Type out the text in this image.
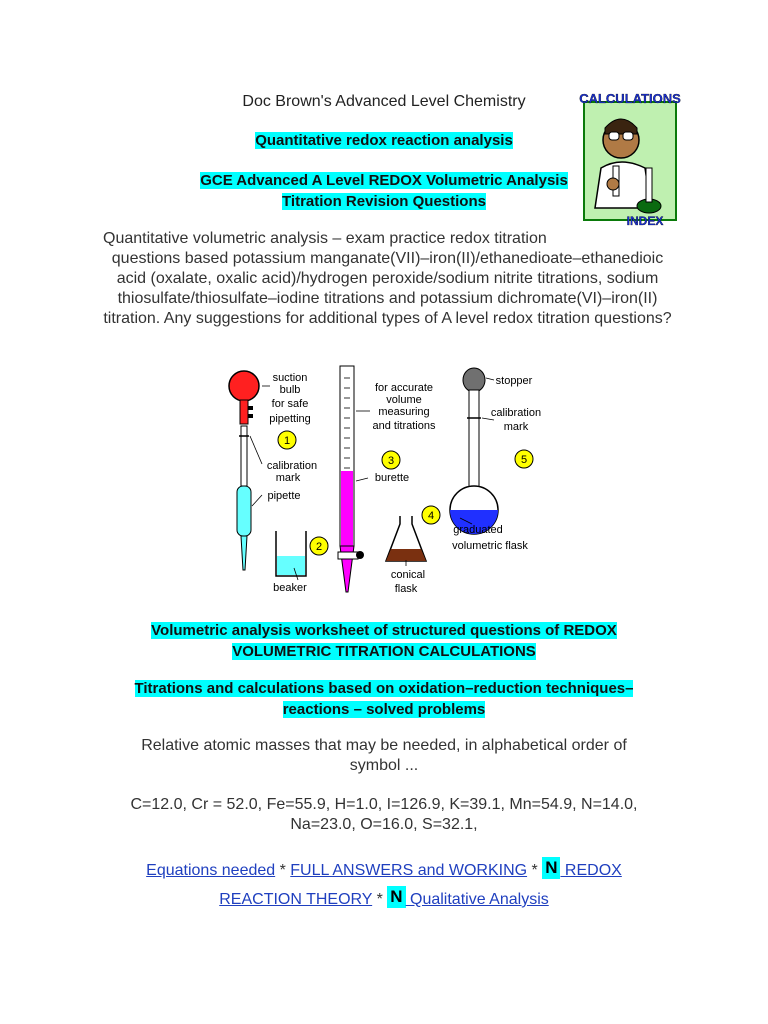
Doc Brown's Advanced Level Chemistry
Quantitative redox reaction analysis
GCE Advanced A Level REDOX Volumetric Analysis
Titration Revision Questions
CALCULATIONS
INDEX
Quantitative volumetric analysis – exam practice redox titration
questions based potassium manganate(VII)–iron(II)/ethanedioate–ethanedioic acid (oxalate, oxalic acid)/hydrogen peroxide/sodium nitrite titrations, sodium thiosulfate/thiosulfate–iodine titrations and potassium dichromate(VI)–iron(II) titration. Any suggestions for additional types of A level redox titration questions?
suction
bulb
for safe
pipetting
calibration
mark
pipette
beaker
for accurate
volume
measuring
and titrations
burette
conical
flask
stopper
calibration
mark
graduated
volumetric flask
1
2
3
4
5
Volumetric analysis worksheet of structured questions of REDOX
VOLUMETRIC TITRATION CALCULATIONS
Titrations and calculations based on oxidation–reduction techniques–
reactions – solved problems
Relative atomic masses that may be needed, in alphabetical order of
symbol ...
C=12.0, Cr = 52.0, Fe=55.9, H=1.0, I=126.9, K=39.1, Mn=54.9, N=14.0,
Na=23.0, O=16.0, S=32.1,
Equations needed * FULL ANSWERS and WORKING * N REDOX
REACTION THEORY * N Qualitative Analysis
